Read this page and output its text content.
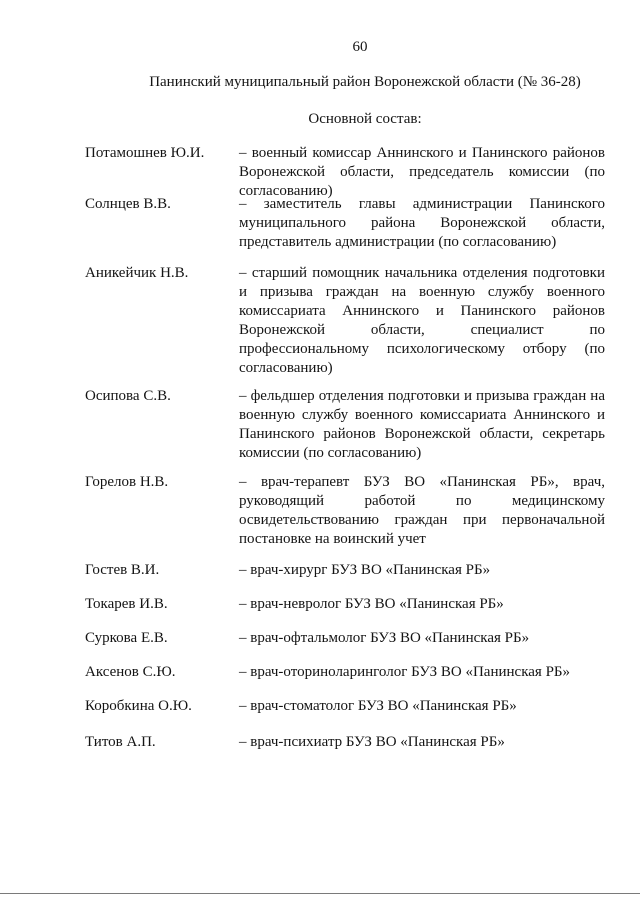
60
Панинский муниципальный район Воронежской области (№ 36-28)
Основной состав:
Потамошнев Ю.И.	– военный комиссар Аннинского и Панинского районов Воронежской области, председатель комиссии (по согласованию)
Солнцев В.В.	– заместитель главы администрации Панинского муниципального района Воронежской области, представитель администрации (по согласованию)
Аникейчик Н.В.	– старший помощник начальника отделения подготовки и призыва граждан на военную службу военного комиссариата Аннинского и Панинского районов Воронежской области, специалист по профессиональному психологическому отбору (по согласованию)
Осипова С.В.	– фельдшер отделения подготовки и призыва граждан на военную службу военного комиссариата Аннинского и Панинского районов Воронежской области, секретарь комиссии (по согласованию)
Горелов Н.В.	– врач-терапевт БУЗ ВО «Панинская РБ», врач, руководящий работой по медицинскому освидетельствованию граждан при первоначальной постановке на воинский учет
Гостев В.И.	– врач-хирург БУЗ ВО «Панинская РБ»
Токарев И.В.	– врач-невролог БУЗ ВО «Панинская РБ»
Суркова Е.В.	– врач-офтальмолог БУЗ ВО «Панинская РБ»
Аксенов С.Ю.	– врач-оториноларинголог БУЗ ВО «Панинская РБ»
Коробкина О.Ю.	– врач-стоматолог БУЗ ВО «Панинская РБ»
Титов А.П.	– врач-психиатр БУЗ ВО «Панинская РБ»
